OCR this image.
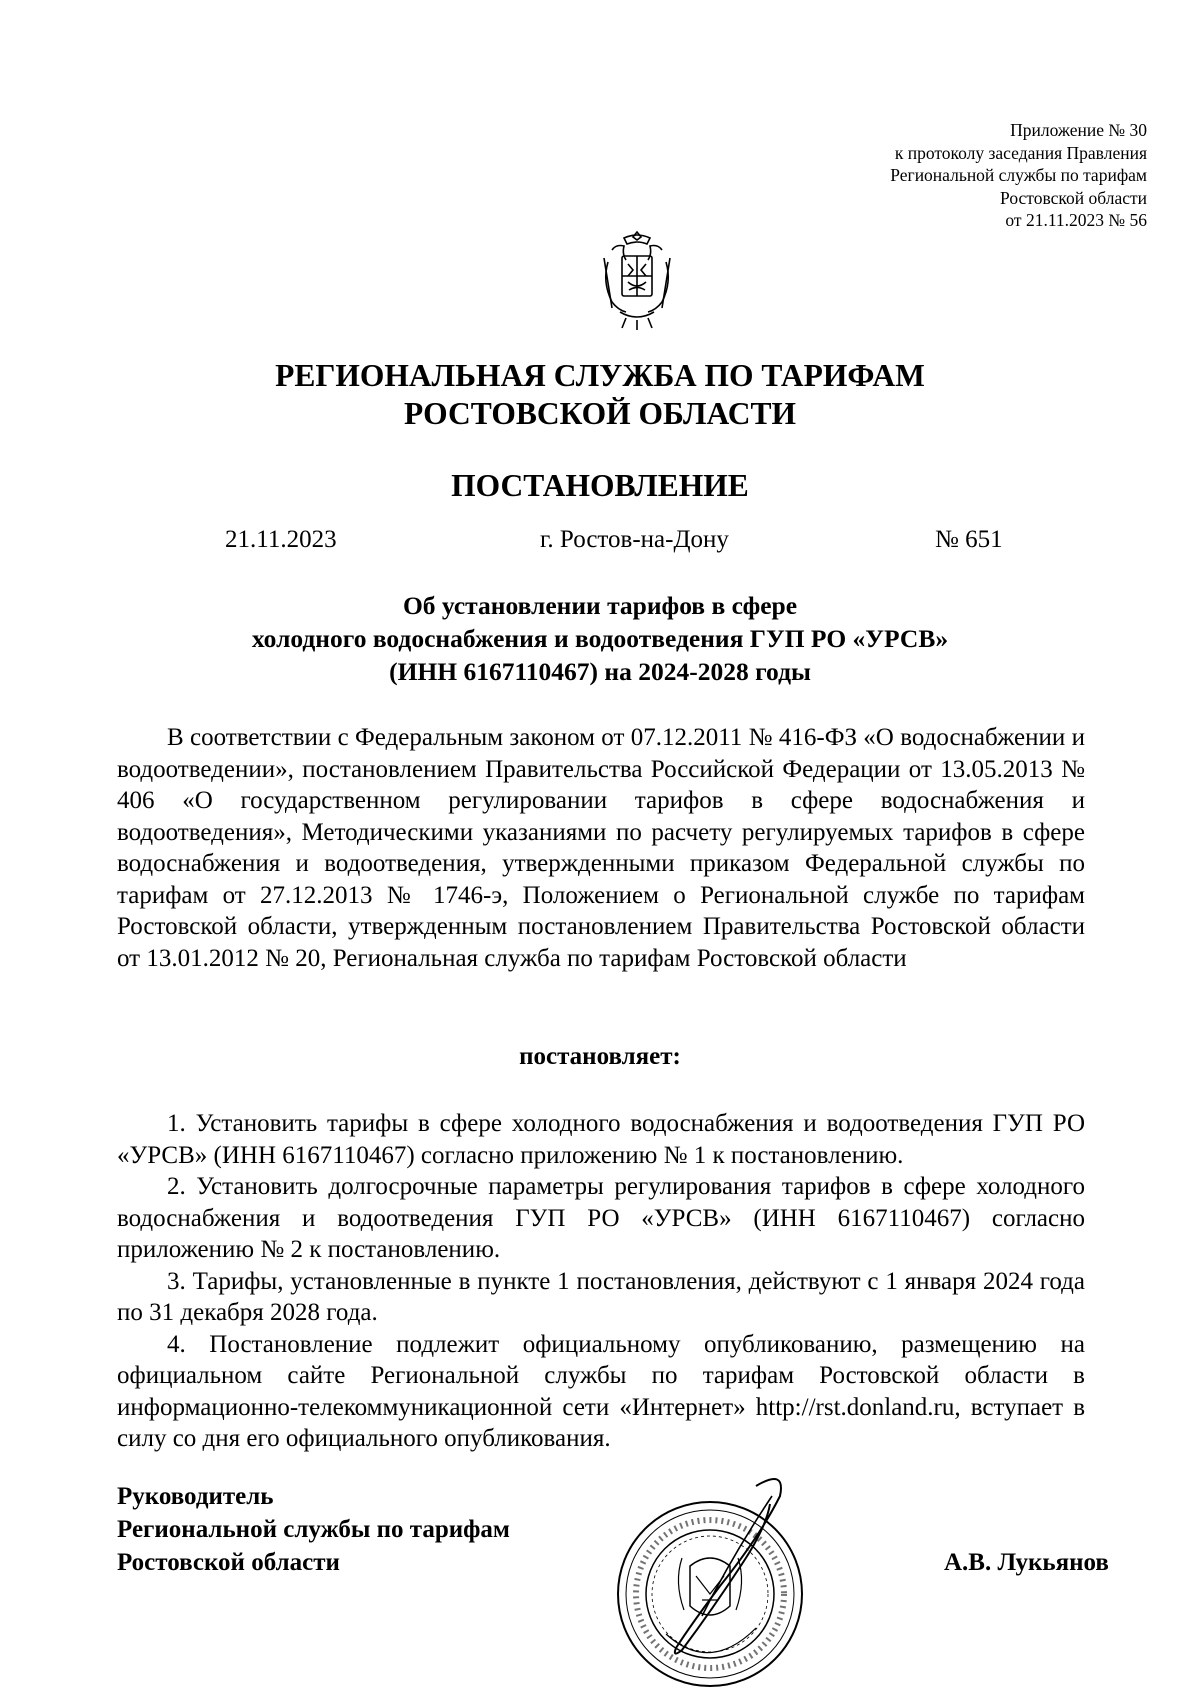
Приложение № 30
к протоколу заседания Правления
Региональной службы по тарифам
Ростовской области
от 21.11.2023 № 56
РЕГИОНАЛЬНАЯ СЛУЖБА ПО ТАРИФАМ
РОСТОВСКОЙ ОБЛАСТИ
ПОСТАНОВЛЕНИЕ
21.11.2023	г. Ростов-на-Дону	№ 651
Об установлении тарифов в сфере
холодного водоснабжения и водоотведения ГУП РО «УРСВ»
(ИНН 6167110467) на 2024-2028 годы

В соответствии с Федеральным законом от 07.12.2011 № 416-ФЗ «О водоснабжении и водоотведении», постановлением Правительства Российской Федерации от 13.05.2013 № 406 «О государственном регулировании тарифов в сфере водоснабжения и водоотведения», Методическими указаниями по расчету регулируемых тарифов в сфере водоснабжения и водоотведения, утвержденными приказом Федеральной службы по тарифам от 27.12.2013 № 1746-э, Положением о Региональной службе по тарифам Ростовской области, утвержденным постановлением Правительства Ростовской области от 13.01.2012 № 20, Региональная служба по тарифам Ростовской области

постановляет:

1. Установить тарифы в сфере холодного водоснабжения и водоотведения ГУП РО «УРСВ» (ИНН 6167110467) согласно приложению № 1 к постановлению.

2. Установить долгосрочные параметры регулирования тарифов в сфере холодного водоснабжения и водоотведения ГУП РО «УРСВ» (ИНН 6167110467) согласно приложению № 2 к постановлению.

3. Тарифы, установленные в пункте 1 постановления, действуют с 1 января 2024 года по 31 декабря 2028 года.

4. Постановление подлежит официальному опубликованию, размещению на официальном сайте Региональной службы по тарифам Ростовской области в информационно-телекоммуникационной сети «Интернет» http://rst.donland.ru, вступает в силу со дня его официального опубликования.

Руководитель
Региональной службы по тарифам
Ростовской области	А.В. Лукьянов
